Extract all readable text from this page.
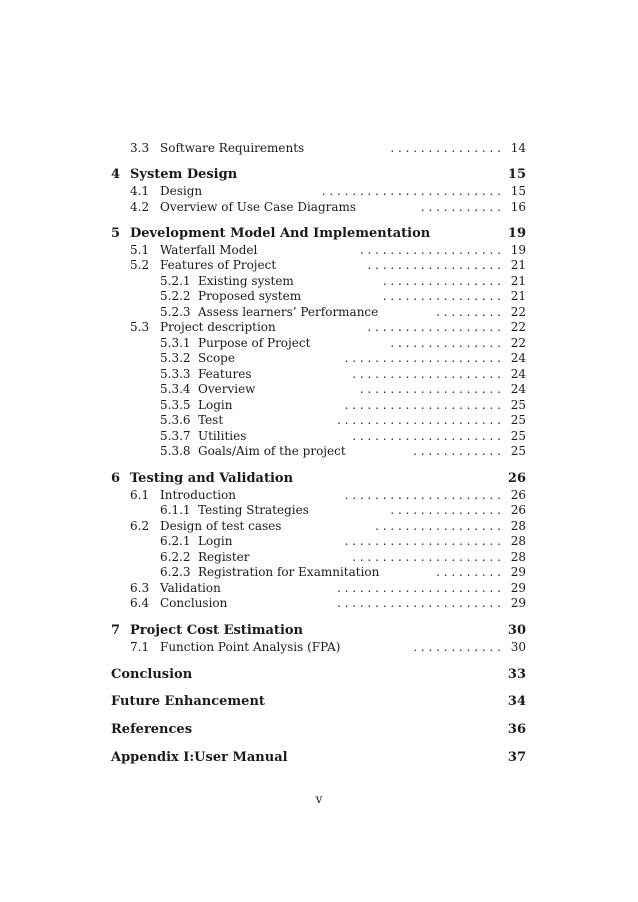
3.3 Software Requirements	. . . . . . . . . . . . . . . 14
4 System Design	15
4.1 Design	. . . . . . . . . . . . . . . . . . . . . . . . 15
4.2 Overview of Use Case Diagrams	. . . . . . . . . . . 16
5 Development Model And Implementation	19
5.1 Waterfall Model	. . . . . . . . . . . . . . . . . . . 19
5.2 Features of Project	. . . . . . . . . . . . . . . . . . 21
5.2.1 Existing system	. . . . . . . . . . . . . . . . 21
5.2.2 Proposed system	. . . . . . . . . . . . . . . . 21
5.2.3 Assess learners’ Performance	. . . . . . . . . 22
5.3 Project description	. . . . . . . . . . . . . . . . . . 22
5.3.1 Purpose of Project	. . . . . . . . . . . . . . . 22
5.3.2 Scope	. . . . . . . . . . . . . . . . . . . . . 24
5.3.3 Features	. . . . . . . . . . . . . . . . . . . . 24
5.3.4 Overview	. . . . . . . . . . . . . . . . . . . 24
5.3.5 Login	. . . . . . . . . . . . . . . . . . . . . 25
5.3.6 Test	. . . . . . . . . . . . . . . . . . . . . . 25
5.3.7 Utilities	. . . . . . . . . . . . . . . . . . . . 25
5.3.8 Goals/Aim of the project	. . . . . . . . . . . . 25
6 Testing and Validation	26
6.1 Introduction	. . . . . . . . . . . . . . . . . . . . . 26
6.1.1 Testing Strategies	. . . . . . . . . . . . . . . 26
6.2 Design of test cases	. . . . . . . . . . . . . . . . . 28
6.2.1 Login	. . . . . . . . . . . . . . . . . . . . . 28
6.2.2 Register	. . . . . . . . . . . . . . . . . . . . 28
6.2.3 Registration for Examnitation	. . . . . . . . . 29
6.3 Validation	. . . . . . . . . . . . . . . . . . . . . . 29
6.4 Conclusion	. . . . . . . . . . . . . . . . . . . . . . 29
7 Project Cost Estimation	30
7.1 Function Point Analysis (FPA)	. . . . . . . . . . . . 30
Conclusion	33
Future Enhancement	34
References	36
Appendix I:User Manual	37
v
